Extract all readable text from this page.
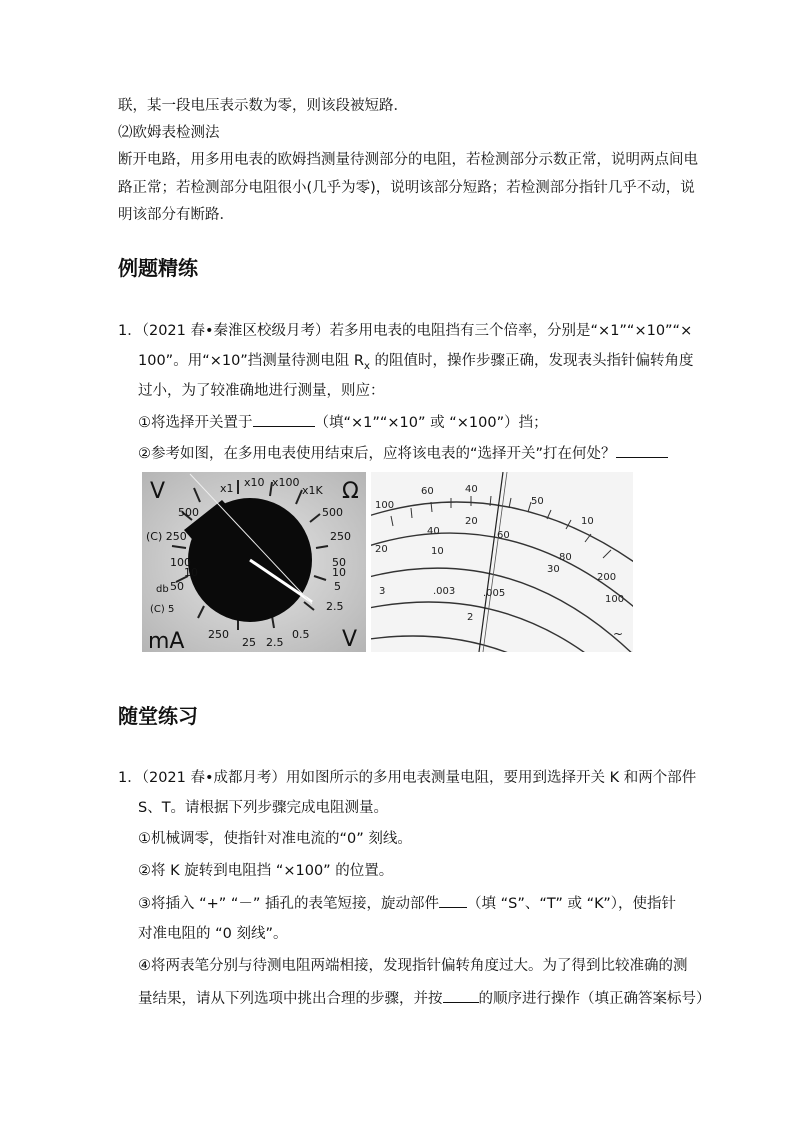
联，某一段电压表示数为零，则该段被短路．
⑵欧姆表检测法
断开电路，用多用电表的欧姆挡测量待测部分的电阻，若检测部分示数正常，说明两点间电
路正常；若检测部分电阻很小(几乎为零)，说明该部分短路；若检测部分指针几乎不动，说
明该部分有断路．
例题精练
1．（2021 春•秦淮区校级月考）若多用电表的电阻挡有三个倍率，分别是“×1”“×10”“×
100”。用“×10”挡测量待测电阻 $R_x$ 的阻值时，操作步骤正确，发现表头指针偏转角度
过小，为了较准确地进行测量，则应：
①将选择开关置于	（填“×1”“×10” 或 “×100”）挡；
②参考如图，在多用电表使用结束后，应将该电表的“选择开关”打在何处？
V	Ω
x1 x10 x100
x1K
500
(C) 250
100
50
10
db
(C) 5
mA 250
25 2.5
0.5
500
250
50
10
5
2.5
V
60	40
50
100
40
20
60
10
80
200
30
100
20	10
3	.003	.005
2
~
随堂练习
1．（2021 春•成都月考）用如图所示的多用电表测量电阻，要用到选择开关 K 和两个部件
S、T。请根据下列步骤完成电阻测量。
①机械调零，使指针对准电流的“0” 刻线。
②将 K 旋转到电阻挡 “×100” 的位置。
③将插入 “+” “－” 插孔的表笔短接，旋动部件 （填 “S”、“T” 或 “K”），使指针
对准电阻的 “0 刻线”。
④将两表笔分别与待测电阻两端相接，发现指针偏转角度过大。为了得到比较准确的测
量结果，请从下列选项中挑出合理的步骤，并按 的顺序进行操作（填正确答案标号）
